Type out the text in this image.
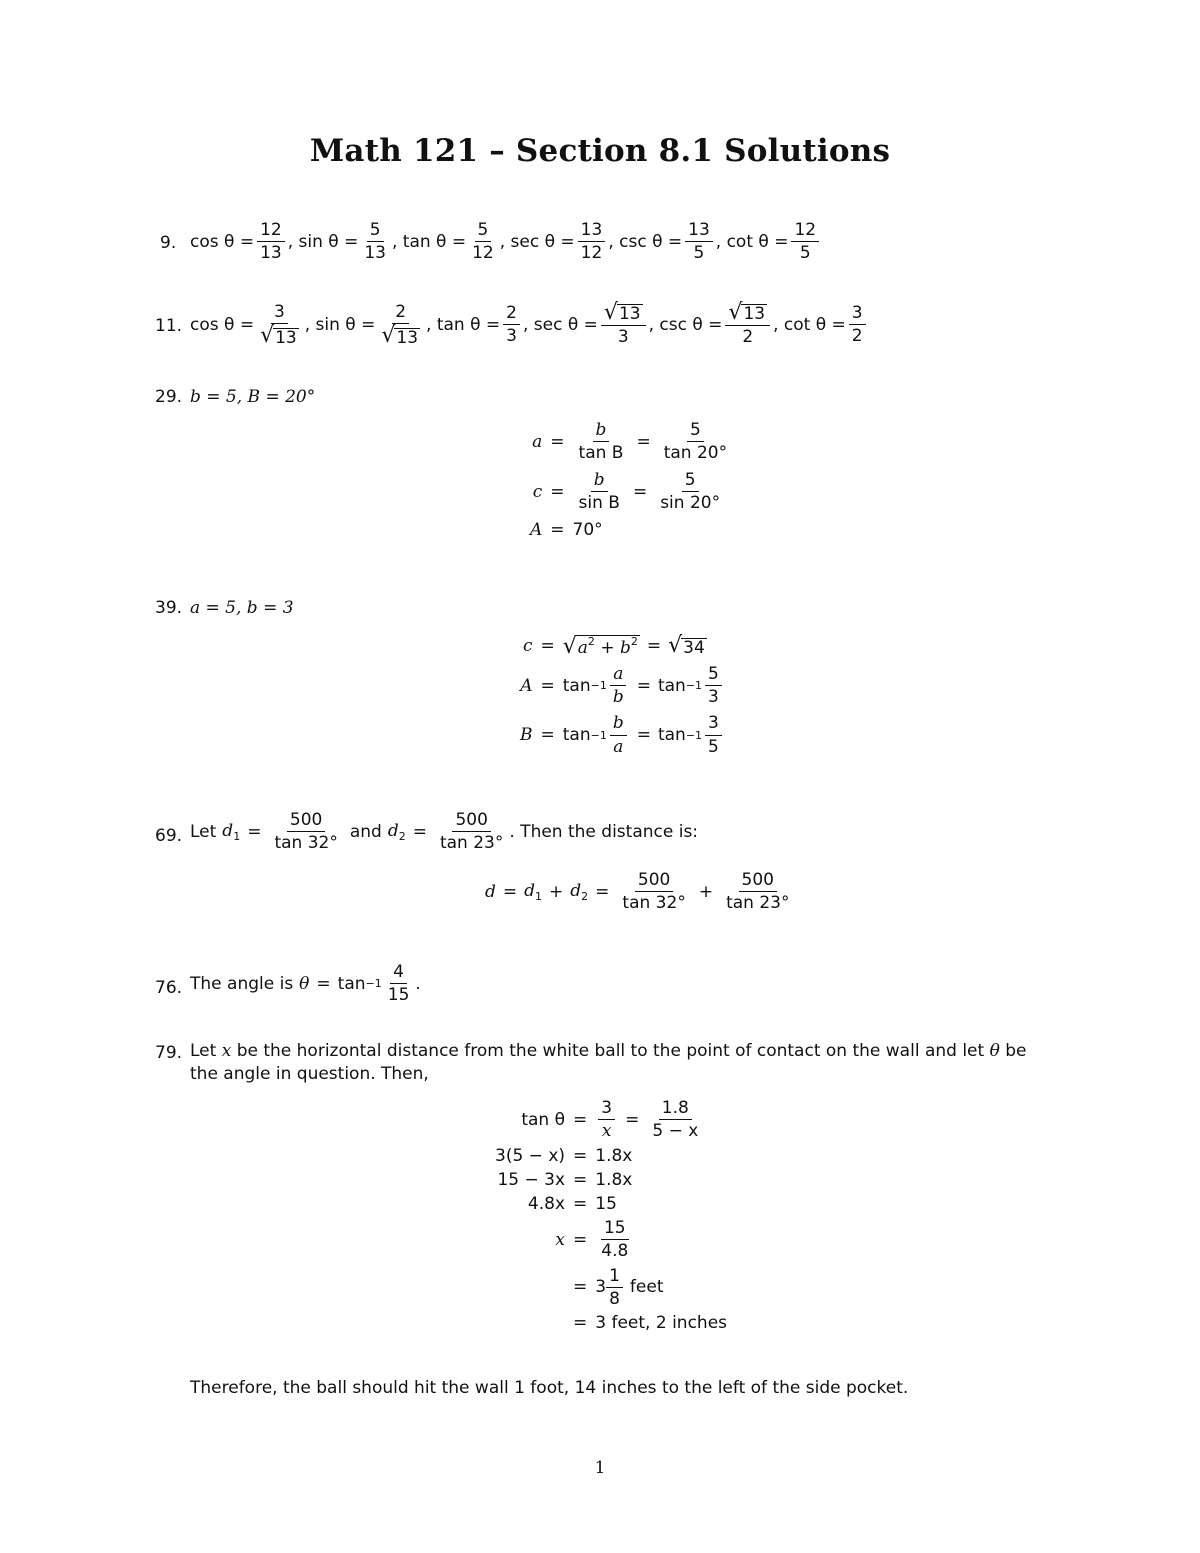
Math 121 – Section 8.1 Solutions
9. $\cos \theta = \frac{12}{13}$ , $\sin \theta = \frac{5}{13}$ , $\tan \theta = \frac{5}{12}$ , $\sec \theta = \frac{13}{12}$ , $\csc \theta = \frac{13}{5}$ , $\cot \theta = \frac{12}{5}$
11. $\cos \theta = \frac{3}{√ 13}$ , $\sin \theta = \frac{2}{√ 13}$ , $\tan \theta = \frac{2}{3}$ , $\sec \theta = \frac{√ 13}{3}$ , $\csc \theta = \frac{√ 13}{2}$ , $\cot \theta = \frac{3}{2}$
29. b = 5, B = 20°
$a = \frac{b}{\text{tan B}} = \frac{5}{\tan 20^\circ}$
$c = \frac{b}{\text{sin B}} = \frac{5}{\sin 20^\circ}$
A = 70°
39. a = 5, b = 3
c = √ $a^2 + b^2$ = √ 34
$A = \tan -1 \frac{a}{b} = \tan -1 \frac{5}{3}$
$B = \tan -1 \frac{b}{a} = \tan -1 \frac{3}{5}$
69. Let $d_1 = \frac{500}{\tan 32^\circ}$ and $d_2 = \frac{500}{\tan 23^\circ}$ . Then the distance is:
$d = d_1 + d_2 = \frac{500}{\tan 32^\circ} + \frac{500}{\tan 23^\circ}$
76. The angle is $\theta = \tan -1 \frac{4}{15}$ .
79. Let x be the horizontal distance from the white ball to the point of contact on the wall and let θ be
the angle in question. Then,
$\tan \theta = \frac{3}{x} = \frac{1.8}{5 - x}$
3(5 − x) = 1.8x
15 − 3x = 1.8x
4.8x = 15
$x = \frac{15}{4.8}$
= $3 \frac{1}{8}$ feet
= 3 feet, 2 inches
Therefore, the ball should hit the wall 1 foot, 14 inches to the left of the side pocket.
1
